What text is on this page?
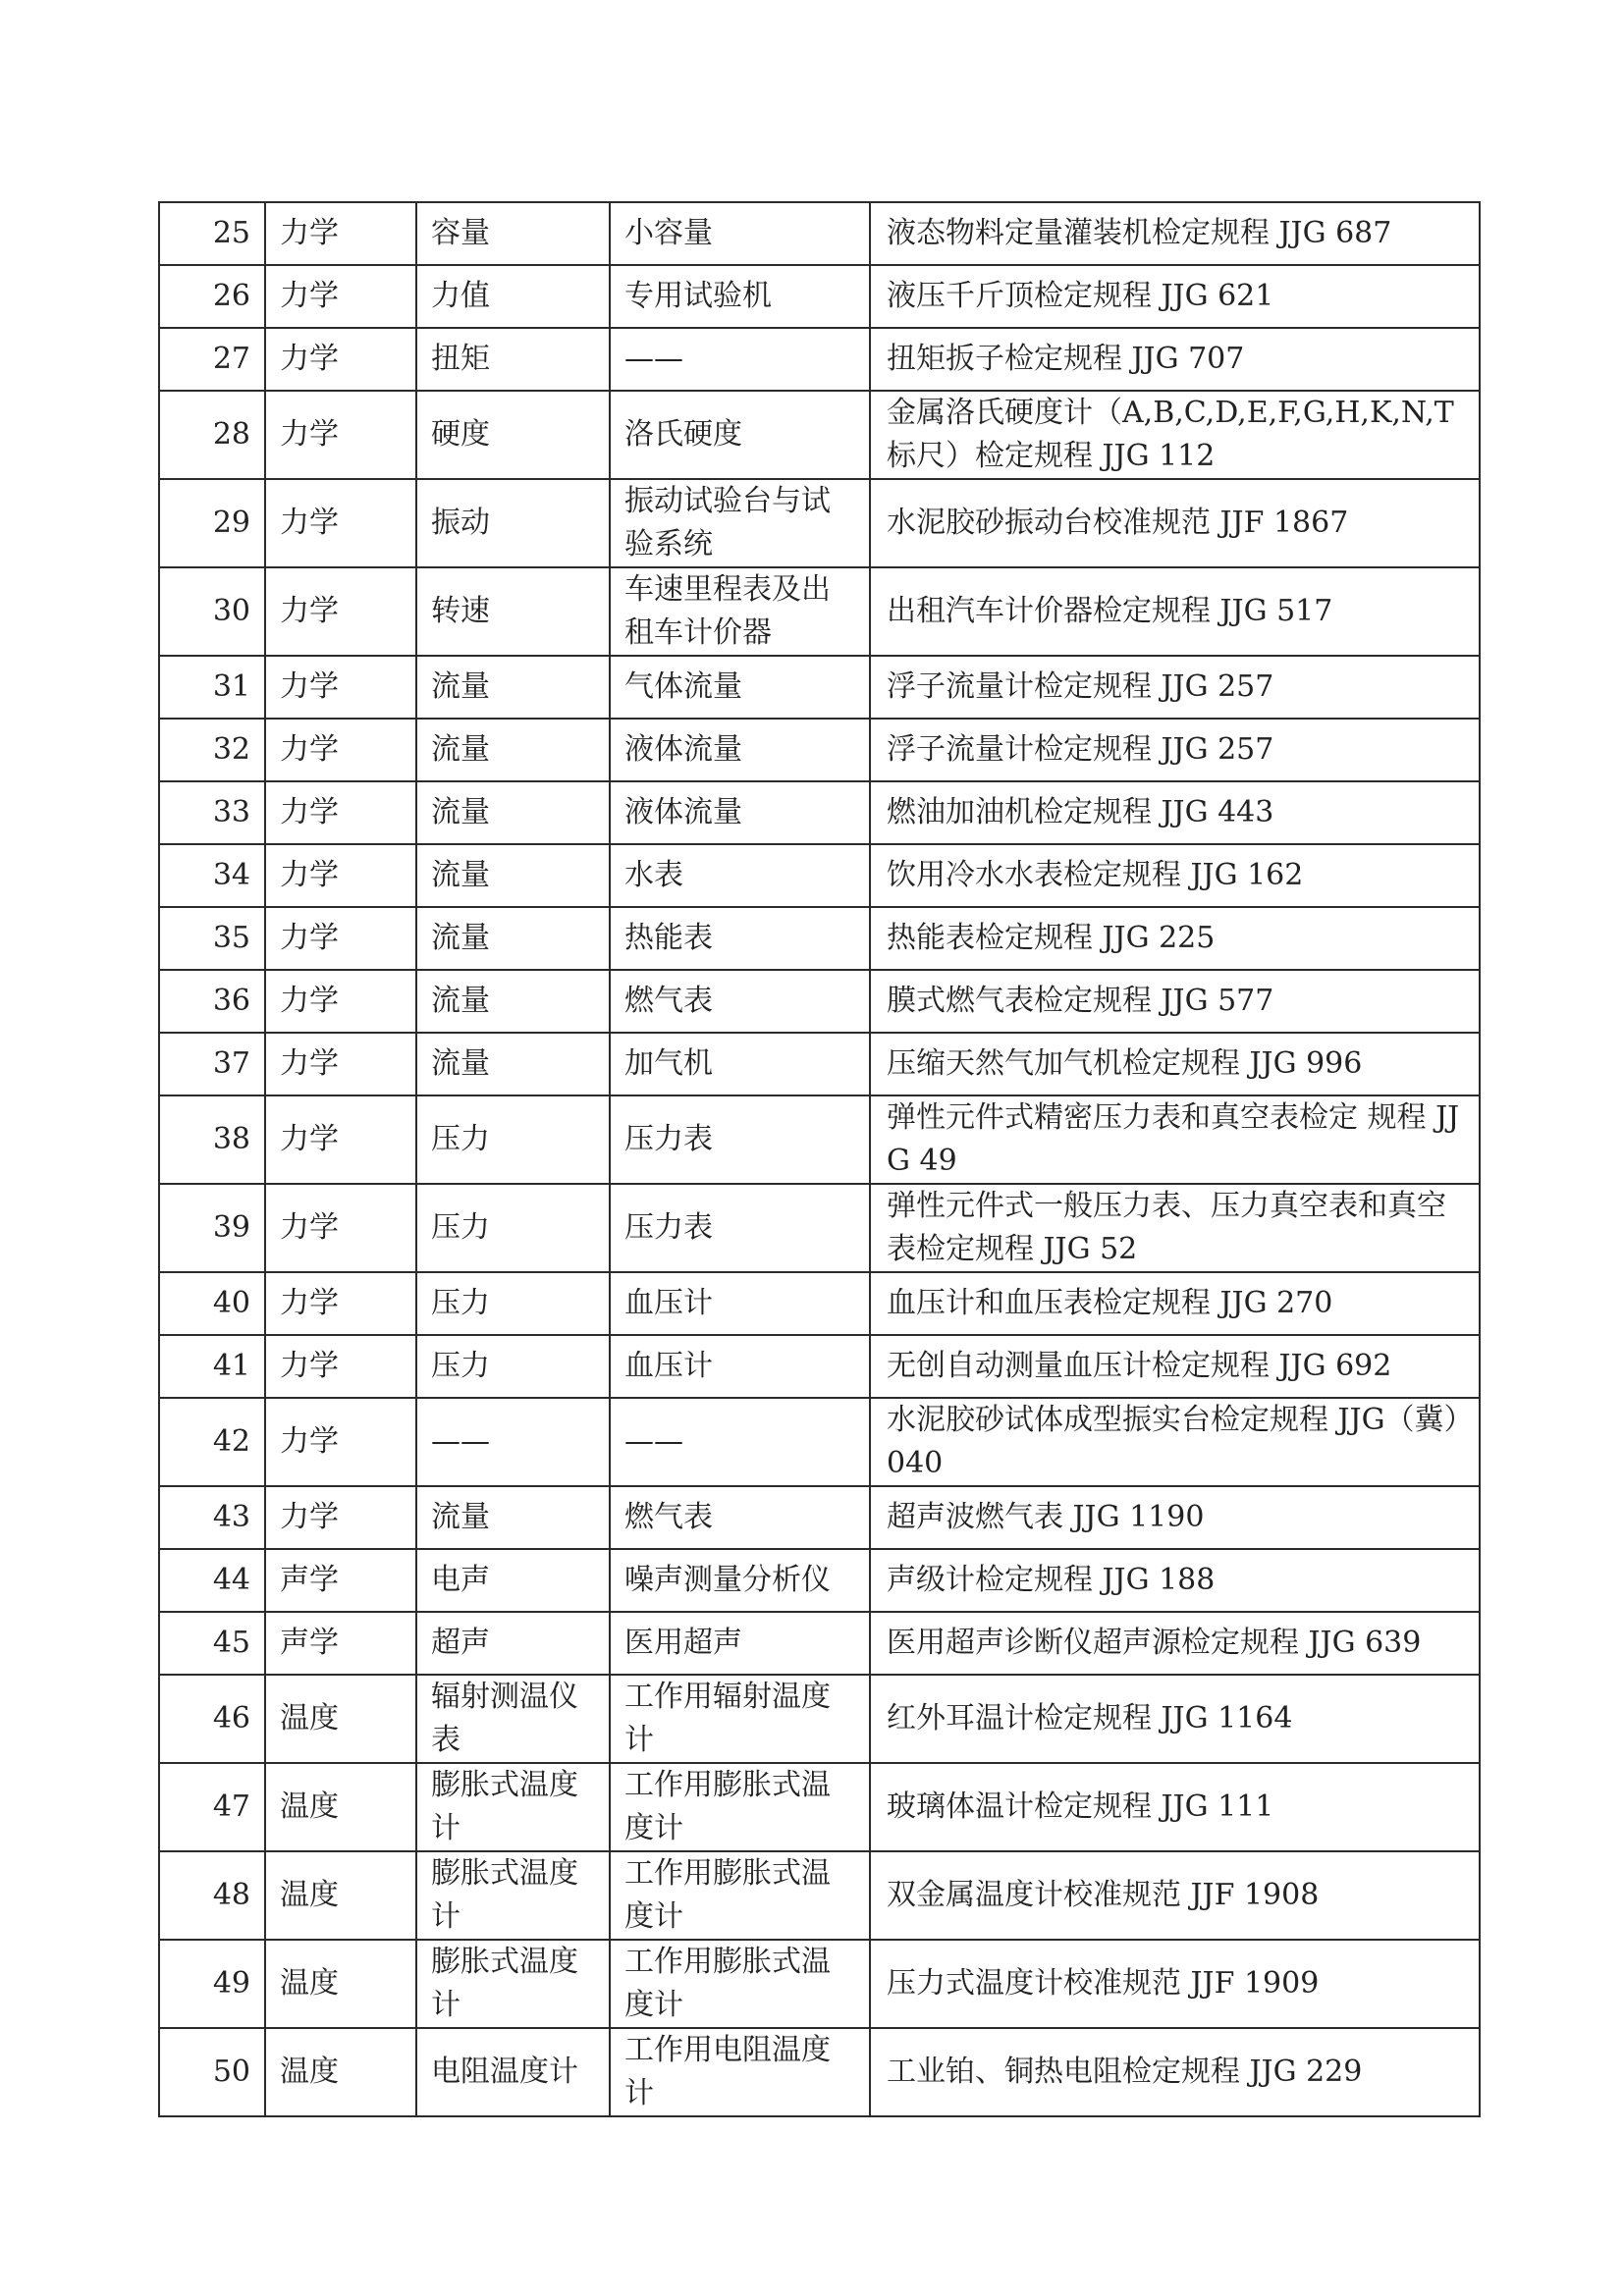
25	力学	容量	小容量	液态物料定量灌装机检定规程 JJG 687
26	力学	力值	专用试验机	液压千斤顶检定规程 JJG 621
27	力学	扭矩	——	扭矩扳子检定规程 JJG 707
28	力学	硬度	洛氏硬度	金属洛氏硬度计（A,B,C,D,E,F,G,H,K,N,T标尺）检定规程 JJG 112
29	力学	振动	振动试验台与试验系统	水泥胶砂振动台校准规范 JJF 1867
30	力学	转速	车速里程表及出租车计价器	出租汽车计价器检定规程 JJG 517
31	力学	流量	气体流量	浮子流量计检定规程 JJG 257
32	力学	流量	液体流量	浮子流量计检定规程 JJG 257
33	力学	流量	液体流量	燃油加油机检定规程 JJG 443
34	力学	流量	水表	饮用冷水水表检定规程 JJG 162
35	力学	流量	热能表	热能表检定规程 JJG 225
36	力学	流量	燃气表	膜式燃气表检定规程 JJG 577
37	力学	流量	加气机	压缩天然气加气机检定规程 JJG 996
38	力学	压力	压力表	弹性元件式精密压力表和真空表检定 规程 JJG 49
39	力学	压力	压力表	弹性元件式一般压力表、压力真空表和真空表检定规程 JJG 52
40	力学	压力	血压计	血压计和血压表检定规程 JJG 270
41	力学	压力	血压计	无创自动测量血压计检定规程 JJG 692
42	力学	——	——	水泥胶砂试体成型振实台检定规程 JJG（冀）040
43	力学	流量	燃气表	超声波燃气表 JJG 1190
44	声学	电声	噪声测量分析仪	声级计检定规程 JJG 188
45	声学	超声	医用超声	医用超声诊断仪超声源检定规程 JJG 639
46	温度	辐射测温仪表	工作用辐射温度计	红外耳温计检定规程 JJG 1164
47	温度	膨胀式温度计	工作用膨胀式温度计	玻璃体温计检定规程 JJG 111
48	温度	膨胀式温度计	工作用膨胀式温度计	双金属温度计校准规范 JJF 1908
49	温度	膨胀式温度计	工作用膨胀式温度计	压力式温度计校准规范 JJF 1909
50	温度	电阻温度计	工作用电阻温度计	工业铂、铜热电阻检定规程 JJG 229
